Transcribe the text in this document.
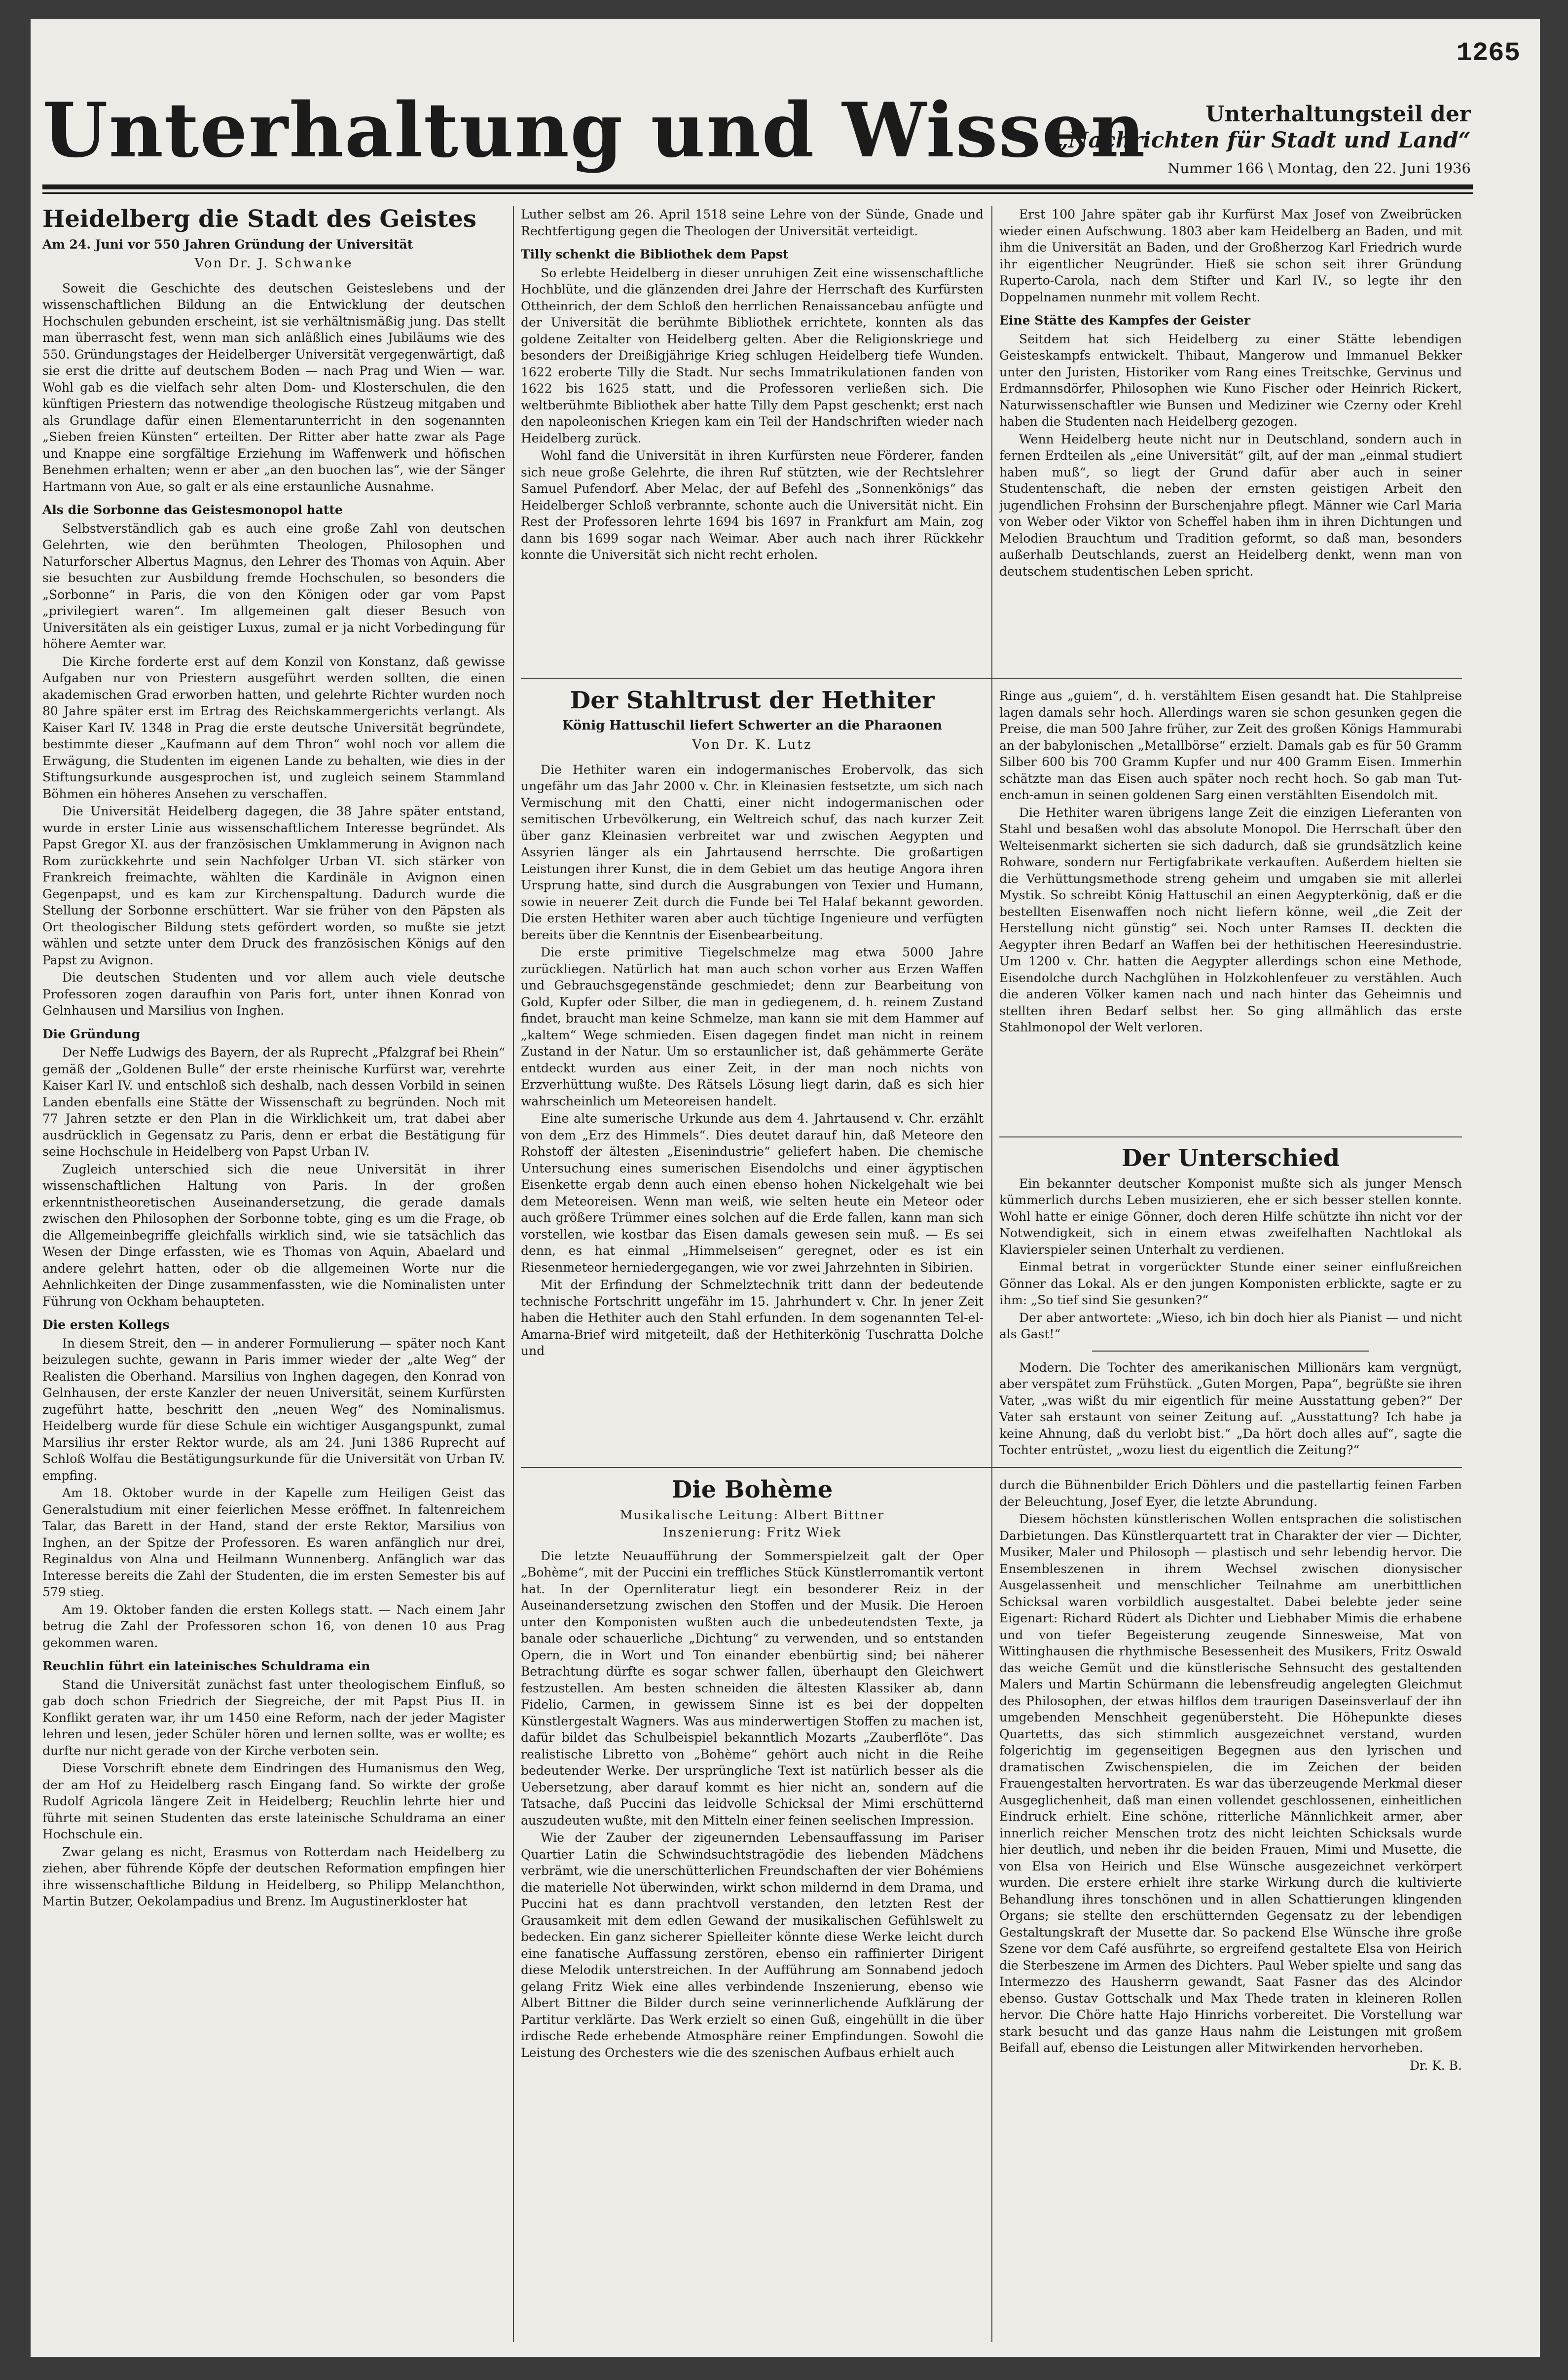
1265
Unterhaltung und Wissen	Unterhaltungsteil der
„Nachrichten für Stadt und Land“
Nummer 166 \ Montag, den 22. Juni 1936
Heidelberg die Stadt des Geistes
Am 24. Juni vor 550 Jahren Gründung der Universität
Von Dr. J. Schwanke

Soweit die Geschichte des deutschen Geisteslebens und der wissenschaftlichen Bildung an die Entwicklung der deutschen Hochschulen gebunden erscheint, ist sie verhältnismäßig jung. Das stellt man überrascht fest, wenn man sich anläßlich eines Jubiläums wie des 550. Gründungstages der Heidelberger Universität vergegenwärtigt, daß sie erst die dritte auf deutschem Boden — nach Prag und Wien — war. Wohl gab es die vielfach sehr alten Dom- und Klosterschulen, die den künftigen Priestern das notwendige theologische Rüstzeug mitgaben und als Grundlage dafür einen Elementarunterricht in den sogenannten „Sieben freien Künsten“ erteilten. Der Ritter aber hatte zwar als Page und Knappe eine sorgfältige Erziehung im Waffenwerk und höfischen Benehmen erhalten; wenn er aber „an den buochen las“, wie der Sänger Hartmann von Aue, so galt er als eine erstaunliche Ausnahme.

Als die Sorbonne das Geistesmonopol hatte

Selbstverständlich gab es auch eine große Zahl von deutschen Gelehrten, wie den berühmten Theologen, Philosophen und Naturforscher Albertus Magnus, den Lehrer des Thomas von Aquin. Aber sie besuchten zur Ausbildung fremde Hochschulen, so besonders die „Sorbonne“ in Paris, die von den Königen oder gar vom Papst „privilegiert waren“. Im allgemeinen galt dieser Besuch von Universitäten als ein geistiger Luxus, zumal er ja nicht Vorbedingung für höhere Aemter war.

Die Kirche forderte erst auf dem Konzil von Konstanz, daß gewisse Aufgaben nur von Priestern ausgeführt werden sollten, die einen akademischen Grad erworben hatten, und gelehrte Richter wurden noch 80 Jahre später erst im Ertrag des Reichskammergerichts verlangt. Als Kaiser Karl IV. 1348 in Prag die erste deutsche Universität begründete, bestimmte dieser „Kaufmann auf dem Thron“ wohl noch vor allem die Erwägung, die Studenten im eigenen Lande zu behalten, wie dies in der Stiftungsurkunde ausgesprochen ist, und zugleich seinem Stammland Böhmen ein höheres Ansehen zu verschaffen.

Die Universität Heidelberg dagegen, die 38 Jahre später entstand, wurde in erster Linie aus wissenschaftlichem Interesse begründet. Als Papst Gregor XI. aus der französischen Umklammerung in Avignon nach Rom zurückkehrte und sein Nachfolger Urban VI. sich stärker von Frankreich freimachte, wählten die Kardinäle in Avignon einen Gegenpapst, und es kam zur Kirchenspaltung. Dadurch wurde die Stellung der Sorbonne erschüttert. War sie früher von den Päpsten als Ort theologischer Bildung stets gefördert worden, so mußte sie jetzt wählen und setzte unter dem Druck des französischen Königs auf den Papst zu Avignon.

Die deutschen Studenten und vor allem auch viele deutsche Professoren zogen daraufhin von Paris fort, unter ihnen Konrad von Gelnhausen und Marsilius von Inghen.

Die Gründung

Der Neffe Ludwigs des Bayern, der als Ruprecht „Pfalzgraf bei Rhein“ gemäß der „Goldenen Bulle“ der erste rheinische Kurfürst war, verehrte Kaiser Karl IV. und entschloß sich deshalb, nach dessen Vorbild in seinen Landen ebenfalls eine Stätte der Wissenschaft zu begründen. Noch mit 77 Jahren setzte er den Plan in die Wirklichkeit um, trat dabei aber ausdrücklich in Gegensatz zu Paris, denn er erbat die Bestätigung für seine Hochschule in Heidelberg von Papst Urban IV.

Zugleich unterschied sich die neue Universität in ihrer wissenschaftlichen Haltung von Paris. In der großen erkenntnistheoretischen Auseinandersetzung, die gerade damals zwischen den Philosophen der Sorbonne tobte, ging es um die Frage, ob die Allgemeinbegriffe gleichfalls wirklich sind, wie sie tatsächlich das Wesen der Dinge erfassten, wie es Thomas von Aquin, Abaelard und andere gelehrt hatten, oder ob die allgemeinen Worte nur die Aehnlichkeiten der Dinge zusammenfassten, wie die Nominalisten unter Führung von Ockham behaupteten.

Die ersten Kollegs

In diesem Streit, den — in anderer Formulierung — später noch Kant beizulegen suchte, gewann in Paris immer wieder der „alte Weg“ der Realisten die Oberhand. Marsilius von Inghen dagegen, den Konrad von Gelnhausen, der erste Kanzler der neuen Universität, seinem Kurfürsten zugeführt hatte, beschritt den „neuen Weg“ des Nominalismus. Heidelberg wurde für diese Schule ein wichtiger Ausgangspunkt, zumal Marsilius ihr erster Rektor wurde, als am 24. Juni 1386 Ruprecht auf Schloß Wolfau die Bestätigungsurkunde für die Universität von Urban IV. empfing.

Am 18. Oktober wurde in der Kapelle zum Heiligen Geist das Generalstudium mit einer feierlichen Messe eröffnet. In faltenreichem Talar, das Barett in der Hand, stand der erste Rektor, Marsilius von Inghen, an der Spitze der Professoren. Es waren anfänglich nur drei, Reginaldus von Alna und Heilmann Wunnenberg. Anfänglich war das Interesse bereits die Zahl der Studenten, die im ersten Semester bis auf 579 stieg.

Am 19. Oktober fanden die ersten Kollegs statt. — Nach einem Jahr betrug die Zahl der Professoren schon 16, von denen 10 aus Prag gekommen waren.

Reuchlin führt ein lateinisches Schuldrama ein

Stand die Universität zunächst fast unter theologischem Einfluß, so gab doch schon Friedrich der Siegreiche, der mit Papst Pius II. in Konflikt geraten war, ihr um 1450 eine Reform, nach der jeder Magister lehren und lesen, jeder Schüler hören und lernen sollte, was er wollte; es durfte nur nicht gerade von der Kirche verboten sein.

Diese Vorschrift ebnete dem Eindringen des Humanismus den Weg, der am Hof zu Heidelberg rasch Eingang fand. So wirkte der große Rudolf Agricola längere Zeit in Heidelberg; Reuchlin lehrte hier und führte mit seinen Studenten das erste lateinische Schuldrama an einer Hochschule ein.

Zwar gelang es nicht, Erasmus von Rotterdam nach Heidelberg zu ziehen, aber führende Köpfe der deutschen Reformation empfingen hier ihre wissenschaftliche Bildung in Heidelberg, so Philipp Melanchthon, Martin Butzer, Oekolampadius und Brenz. Im Augustinerkloster hat

Luther selbst am 26. April 1518 seine Lehre von der Sünde, Gnade und Rechtfertigung gegen die Theologen der Universität verteidigt.

Tilly schenkt die Bibliothek dem Papst

So erlebte Heidelberg in dieser unruhigen Zeit eine wissenschaftliche Hochblüte, und die glänzenden drei Jahre der Herrschaft des Kurfürsten Ottheinrich, der dem Schloß den herrlichen Renaissancebau anfügte und der Universität die berühmte Bibliothek errichtete, konnten als das goldene Zeitalter von Heidelberg gelten. Aber die Religionskriege und besonders der Dreißigjährige Krieg schlugen Heidelberg tiefe Wunden. 1622 eroberte Tilly die Stadt. Nur sechs Immatrikulationen fanden von 1622 bis 1625 statt, und die Professoren verließen sich. Die weltberühmte Bibliothek aber hatte Tilly dem Papst geschenkt; erst nach den napoleonischen Kriegen kam ein Teil der Handschriften wieder nach Heidelberg zurück.

Wohl fand die Universität in ihren Kurfürsten neue Förderer, fanden sich neue große Gelehrte, die ihren Ruf stützten, wie der Rechtslehrer Samuel Pufendorf. Aber Melac, der auf Befehl des „Sonnenkönigs“ das Heidelberger Schloß verbrannte, schonte auch die Universität nicht. Ein Rest der Professoren lehrte 1694 bis 1697 in Frankfurt am Main, zog dann bis 1699 sogar nach Weimar. Aber auch nach ihrer Rückkehr konnte die Universität sich nicht recht erholen.

Erst 100 Jahre später gab ihr Kurfürst Max Josef von Zweibrücken wieder einen Aufschwung. 1803 aber kam Heidelberg an Baden, und mit ihm die Universität an Baden, und der Großherzog Karl Friedrich wurde ihr eigentlicher Neugründer. Hieß sie schon seit ihrer Gründung Ruperto-Carola, nach dem Stifter und Karl IV., so legte ihr den Doppelnamen nunmehr mit vollem Recht.

Eine Stätte des Kampfes der Geister

Seitdem hat sich Heidelberg zu einer Stätte lebendigen Geisteskampfs entwickelt. Thibaut, Mangerow und Immanuel Bekker unter den Juristen, Historiker vom Rang eines Treitschke, Gervinus und Erdmannsdörfer, Philosophen wie Kuno Fischer oder Heinrich Rickert, Naturwissenschaftler wie Bunsen und Mediziner wie Czerny oder Krehl haben die Studenten nach Heidelberg gezogen.

Wenn Heidelberg heute nicht nur in Deutschland, sondern auch in fernen Erdteilen als „eine Universität“ gilt, auf der man „einmal studiert haben muß“, so liegt der Grund dafür aber auch in seiner Studentenschaft, die neben der ernsten geistigen Arbeit den jugendlichen Frohsinn der Burschenjahre pflegt. Männer wie Carl Maria von Weber oder Viktor von Scheffel haben ihm in ihren Dichtungen und Melodien Brauchtum und Tradition geformt, so daß man, besonders außerhalb Deutschlands, zuerst an Heidelberg denkt, wenn man von deutschem studentischen Leben spricht.

Der Stahltrust der Hethiter
König Hattuschil liefert Schwerter an die Pharaonen
Von Dr. K. Lutz

Die Hethiter waren ein indogermanisches Erobervolk, das sich ungefähr um das Jahr 2000 v. Chr. in Kleinasien festsetzte, um sich nach Vermischung mit den Chatti, einer nicht indogermanischen oder semitischen Urbevölkerung, ein Weltreich schuf, das nach kurzer Zeit über ganz Kleinasien verbreitet war und zwischen Aegypten und Assyrien länger als ein Jahrtausend herrschte. Die großartigen Leistungen ihrer Kunst, die in dem Gebiet um das heutige Angora ihren Ursprung hatte, sind durch die Ausgrabungen von Texier und Humann, sowie in neuerer Zeit durch die Funde bei Tel Halaf bekannt geworden. Die ersten Hethiter waren aber auch tüchtige Ingenieure und verfügten bereits über die Kenntnis der Eisenbearbeitung.

Die erste primitive Tiegelschmelze mag etwa 5000 Jahre zurückliegen. Natürlich hat man auch schon vorher aus Erzen Waffen und Gebrauchsgegenstände geschmiedet; denn zur Bearbeitung von Gold, Kupfer oder Silber, die man in gediegenem, d. h. reinem Zustand findet, braucht man keine Schmelze, man kann sie mit dem Hammer auf „kaltem“ Wege schmieden. Eisen dagegen findet man nicht in reinem Zustand in der Natur. Um so erstaunlicher ist, daß gehämmerte Geräte entdeckt wurden aus einer Zeit, in der man noch nichts von Erzverhüttung wußte. Des Rätsels Lösung liegt darin, daß es sich hier wahrscheinlich um Meteoreisen handelt.

Eine alte sumerische Urkunde aus dem 4. Jahrtausend v. Chr. erzählt von dem „Erz des Himmels“. Dies deutet darauf hin, daß Meteore den Rohstoff der ältesten „Eisenindustrie“ geliefert haben. Die chemische Untersuchung eines sumerischen Eisendolchs und einer ägyptischen Eisenkette ergab denn auch einen ebenso hohen Nickelgehalt wie bei dem Meteoreisen. Wenn man weiß, wie selten heute ein Meteor oder auch größere Trümmer eines solchen auf die Erde fallen, kann man sich vorstellen, wie kostbar das Eisen damals gewesen sein muß. — Es sei denn, es hat einmal „Himmelseisen“ geregnet, oder es ist ein Riesenmeteor herniedergegangen, wie vor zwei Jahrzehnten in Sibirien.

Mit der Erfindung der Schmelztechnik tritt dann der bedeutende technische Fortschritt ungefähr im 15. Jahrhundert v. Chr. In jener Zeit haben die Hethiter auch den Stahl erfunden. In dem sogenannten Tel-el-Amarna-Brief wird mitgeteilt, daß der Hethiterkönig Tuschratta Dolche und

Ringe aus „guiem“, d. h. verstähltem Eisen gesandt hat. Die Stahlpreise lagen damals sehr hoch. Allerdings waren sie schon gesunken gegen die Preise, die man 500 Jahre früher, zur Zeit des großen Königs Hammurabi an der babylonischen „Metallbörse“ erzielt. Damals gab es für 50 Gramm Silber 600 bis 700 Gramm Kupfer und nur 400 Gramm Eisen. Immerhin schätzte man das Eisen auch später noch recht hoch. So gab man Tut-ench-amun in seinen goldenen Sarg einen verstählten Eisendolch mit.

Die Hethiter waren übrigens lange Zeit die einzigen Lieferanten von Stahl und besaßen wohl das absolute Monopol. Die Herrschaft über den Welteisenmarkt sicherten sie sich dadurch, daß sie grundsätzlich keine Rohware, sondern nur Fertigfabrikate verkauften. Außerdem hielten sie die Verhüttungsmethode streng geheim und umgaben sie mit allerlei Mystik. So schreibt König Hattuschil an einen Aegypterkönig, daß er die bestellten Eisenwaffen noch nicht liefern könne, weil „die Zeit der Herstellung nicht günstig“ sei. Noch unter Ramses II. deckten die Aegypter ihren Bedarf an Waffen bei der hethitischen Heeresindustrie. Um 1200 v. Chr. hatten die Aegypter allerdings schon eine Methode, Eisendolche durch Nachglühen in Holzkohlenfeuer zu verstählen. Auch die anderen Völker kamen nach und nach hinter das Geheimnis und stellten ihren Bedarf selbst her. So ging allmählich das erste Stahlmonopol der Welt verloren.

Der Unterschied

Ein bekannter deutscher Komponist mußte sich als junger Mensch kümmerlich durchs Leben musizieren, ehe er sich besser stellen konnte. Wohl hatte er einige Gönner, doch deren Hilfe schützte ihn nicht vor der Notwendigkeit, sich in einem etwas zweifelhaften Nachtlokal als Klavierspieler seinen Unterhalt zu verdienen.

Einmal betrat in vorgerückter Stunde einer seiner einflußreichen Gönner das Lokal. Als er den jungen Komponisten erblickte, sagte er zu ihm: „So tief sind Sie gesunken?“

Der aber antwortete: „Wieso, ich bin doch hier als Pianist — und nicht als Gast!“

Modern. Die Tochter des amerikanischen Millionärs kam vergnügt, aber verspätet zum Frühstück. „Guten Morgen, Papa“, begrüßte sie ihren Vater, „was wißt du mir eigentlich für meine Ausstattung geben?“ Der Vater sah erstaunt von seiner Zeitung auf. „Ausstattung? Ich habe ja keine Ahnung, daß du verlobt bist.“ „Da hört doch alles auf“, sagte die Tochter entrüstet, „wozu liest du eigentlich die Zeitung?“

Die Bohème
Musikalische Leitung: Albert Bittner
Inszenierung: Fritz Wiek

Die letzte Neuaufführung der Sommerspielzeit galt der Oper „Bohème“, mit der Puccini ein treffliches Stück Künstlerromantik vertont hat. In der Opernliteratur liegt ein besonderer Reiz in der Auseinandersetzung zwischen den Stoffen und der Musik. Die Heroen unter den Komponisten wußten auch die unbedeutendsten Texte, ja banale oder schauerliche „Dichtung“ zu verwenden, und so entstanden Opern, die in Wort und Ton einander ebenbürtig sind; bei näherer Betrachtung dürfte es sogar schwer fallen, überhaupt den Gleichwert festzustellen. Am besten schneiden die ältesten Klassiker ab, dann Fidelio, Carmen, in gewissem Sinne ist es bei der doppelten Künstlergestalt Wagners. Was aus minderwertigen Stoffen zu machen ist, dafür bildet das Schulbeispiel bekanntlich Mozarts „Zauberflöte“. Das realistische Libretto von „Bohème“ gehört auch nicht in die Reihe bedeutender Werke. Der ursprüngliche Text ist natürlich besser als die Uebersetzung, aber darauf kommt es hier nicht an, sondern auf die Tatsache, daß Puccini das leidvolle Schicksal der Mimi erschütternd auszudeuten wußte, mit den Mitteln einer feinen seelischen Impression.

Wie der Zauber der zigeunernden Lebensauffassung im Pariser Quartier Latin die Schwindsuchtstragödie des liebenden Mädchens verbrämt, wie die unerschütterlichen Freundschaften der vier Bohémiens die materielle Not überwinden, wirkt schon mildernd in dem Drama, und Puccini hat es dann prachtvoll verstanden, den letzten Rest der Grausamkeit mit dem edlen Gewand der musikalischen Gefühlswelt zu bedecken. Ein ganz sicherer Spielleiter könnte diese Werke leicht durch eine fanatische Auffassung zerstören, ebenso ein raffinierter Dirigent diese Melodik unterstreichen. In der Aufführung am Sonnabend jedoch gelang Fritz Wiek eine alles verbindende Inszenierung, ebenso wie Albert Bittner die Bilder durch seine verinnerlichende Aufklärung der Partitur verklärte. Das Werk erzielt so einen Guß, eingehüllt in die über irdische Rede erhebende Atmosphäre reiner Empfindungen. Sowohl die Leistung des Orchesters wie die des szenischen Aufbaus erhielt auch

durch die Bühnenbilder Erich Döhlers und die pastellartig feinen Farben der Beleuchtung, Josef Eyer, die letzte Abrundung.

Diesem höchsten künstlerischen Wollen entsprachen die solistischen Darbietungen. Das Künstlerquartett trat in Charakter der vier — Dichter, Musiker, Maler und Philosoph — plastisch und sehr lebendig hervor. Die Ensembleszenen in ihrem Wechsel zwischen dionysischer Ausgelassenheit und menschlicher Teilnahme am unerbittlichen Schicksal waren vorbildlich ausgestaltet. Dabei belebte jeder seine Eigenart: Richard Rüdert als Dichter und Liebhaber Mimis die erhabene und von tiefer Begeisterung zeugende Sinnesweise, Mat von Wittinghausen die rhythmische Besessenheit des Musikers, Fritz Oswald das weiche Gemüt und die künstlerische Sehnsucht des gestaltenden Malers und Martin Schürmann die lebensfreudig angelegten Gleichmut des Philosophen, der etwas hilflos dem traurigen Daseinsverlauf der ihn umgebenden Menschheit gegenübersteht. Die Höhepunkte dieses Quartetts, das sich stimmlich ausgezeichnet verstand, wurden folgerichtig im gegenseitigen Begegnen aus den lyrischen und dramatischen Zwischenspielen, die im Zeichen der beiden Frauengestalten hervortraten. Es war das überzeugende Merkmal dieser Ausgeglichenheit, daß man einen vollendet geschlossenen, einheitlichen Eindruck erhielt. Eine schöne, ritterliche Männlichkeit armer, aber innerlich reicher Menschen trotz des nicht leichten Schicksals wurde hier deutlich, und neben ihr die beiden Frauen, Mimi und Musette, die von Elsa von Heirich und Else Wünsche ausgezeichnet verkörpert wurden. Die erstere erhielt ihre starke Wirkung durch die kultivierte Behandlung ihres tonschönen und in allen Schattierungen klingenden Organs; sie stellte den erschütternden Gegensatz zu der lebendigen Gestaltungskraft der Musette dar. So packend Else Wünsche ihre große Szene vor dem Café ausführte, so ergreifend gestaltete Elsa von Heirich die Sterbeszene im Armen des Dichters. Paul Weber spielte und sang das Intermezzo des Hausherrn gewandt, Saat Fasner das des Alcindor ebenso. Gustav Gottschalk und Max Thede traten in kleineren Rollen hervor. Die Chöre hatte Hajo Hinrichs vorbereitet. Die Vorstellung war stark besucht und das ganze Haus nahm die Leistungen mit großem Beifall auf, ebenso die Leistungen aller Mitwirkenden hervorheben.

Dr. K. B.
